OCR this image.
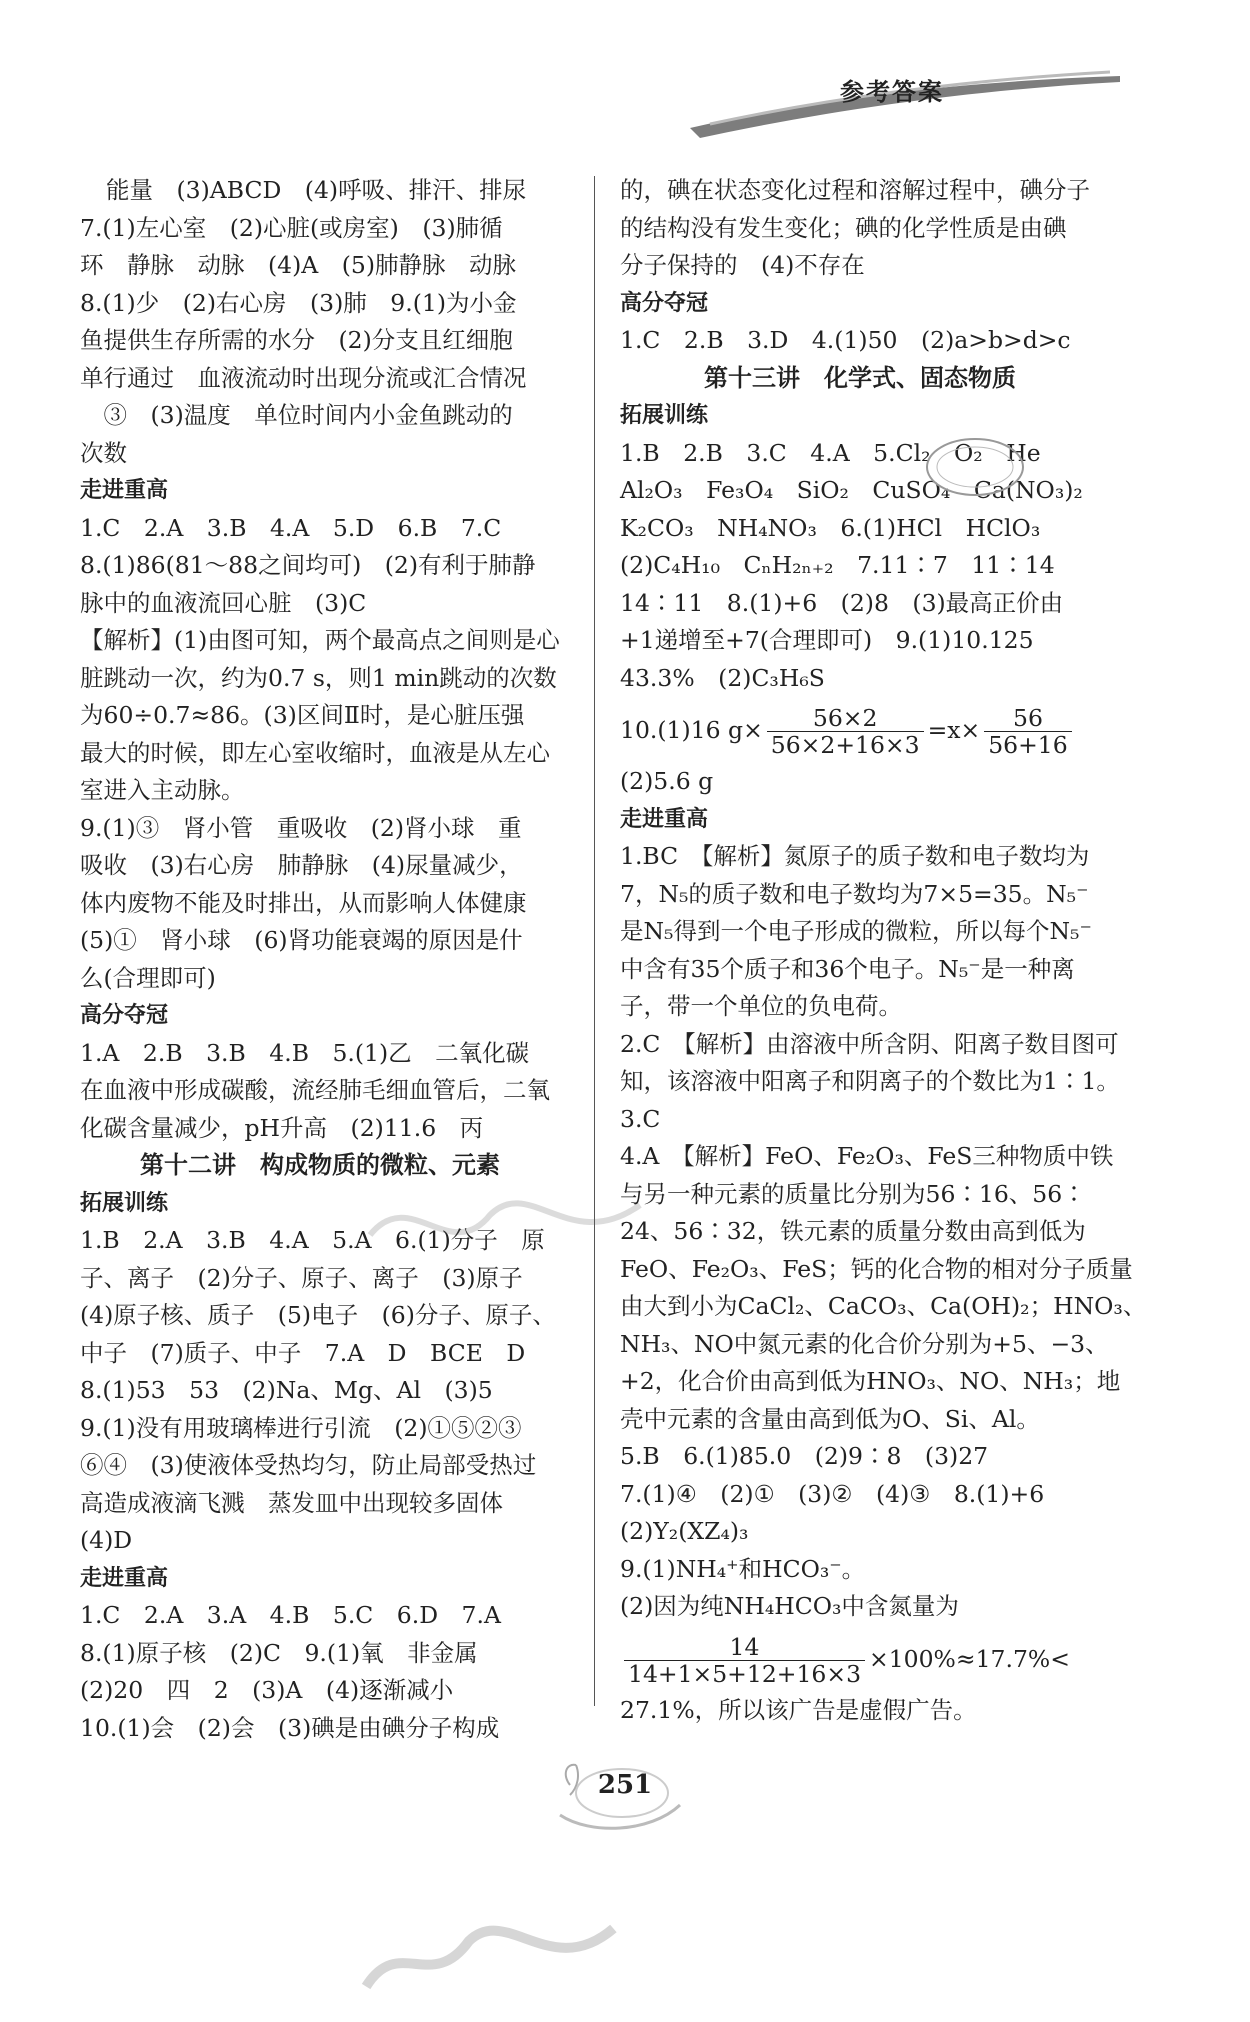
参考答案
能量　(3)ABCD　(4)呼吸、排汗、排尿
7.(1)左心室　(2)心脏(或房室)　(3)肺循
环　静脉　动脉　(4)A　(5)肺静脉　动脉
8.(1)少　(2)右心房　(3)肺　9.(1)为小金
鱼提供生存所需的水分　(2)分支且红细胞
单行通过　血液流动时出现分流或汇合情况
　③　(3)温度　单位时间内小金鱼跳动的
次数
走进重高
1.C　2.A　3.B　4.A　5.D　6.B　7.C
8.(1)86(81～88之间均可)　(2)有利于肺静
脉中的血液流回心脏　(3)C
【解析】(1)由图可知，两个最高点之间则是心
脏跳动一次，约为0.7 s，则1 min跳动的次数
为60÷0.7≈86。(3)区间Ⅱ时，是心脏压强
最大的时候，即左心室收缩时，血液是从左心
室进入主动脉。
9.(1)③　肾小管　重吸收　(2)肾小球　重
吸收　(3)右心房　肺静脉　(4)尿量减少，
体内废物不能及时排出，从而影响人体健康
(5)①　肾小球　(6)肾功能衰竭的原因是什
么(合理即可)
高分夺冠
1.A　2.B　3.B　4.B　5.(1)乙　二氧化碳
在血液中形成碳酸，流经肺毛细血管后，二氧
化碳含量减少，pH升高　(2)11.6　丙
第十二讲　构成物质的微粒、元素
拓展训练
1.B　2.A　3.B　4.A　5.A　6.(1)分子　原
子、离子　(2)分子、原子、离子　(3)原子
(4)原子核、质子　(5)电子　(6)分子、原子、
中子　(7)质子、中子　7.A　D　BCE　D
8.(1)53　53　(2)Na、Mg、Al　(3)5
9.(1)没有用玻璃棒进行引流　(2)①⑤②③
⑥④　(3)使液体受热均匀，防止局部受热过
高造成液滴飞溅　蒸发皿中出现较多固体
(4)D
走进重高
1.C　2.A　3.A　4.B　5.C　6.D　7.A
8.(1)原子核　(2)C　9.(1)氧　非金属
(2)20　四　2　(3)A　(4)逐渐减小
10.(1)会　(2)会　(3)碘是由碘分子构成
的，碘在状态变化过程和溶解过程中，碘分子
的结构没有发生变化；碘的化学性质是由碘
分子保持的　(4)不存在
高分夺冠
1.C　2.B　3.D　4.(1)50　(2)a>b>d>c
第十三讲　化学式、固态物质
拓展训练
1.B　2.B　3.C　4.A　5.Cl₂　O₂　He
Al₂O₃　Fe₃O₄　SiO₂　CuSO₄　Ca(NO₃)₂
K₂CO₃　NH₄NO₃　6.(1)HCl　HClO₃
(2)C₄H₁₀　CₙH₂ₙ₊₂　7.11∶7　11∶14
14∶11　8.(1)+6　(2)8　(3)最高正价由
+1递增至+7(合理即可)　9.(1)10.125
43.3%　(2)C₃H₆S
10.(1)16 $g\times \frac{56\times 2}{56\times 2+16\times 3} =x\times \frac{56}{56+16}$
(2)5.6 g
走进重高
1.BC　【解析】氮原子的质子数和电子数均为
7，N₅的质子数和电子数均为7×5=35。N₅⁻
是N₅得到一个电子形成的微粒，所以每个N₅⁻
中含有35个质子和36个电子。N₅⁻是一种离
子，带一个单位的负电荷。
2.C　【解析】由溶液中所含阴、阳离子数目图可
知，该溶液中阳离子和阴离子的个数比为1∶1。
3.C
4.A　【解析】FeO、Fe₂O₃、FeS三种物质中铁
与另一种元素的质量比分别为56∶16、56∶
24、56∶32，铁元素的质量分数由高到低为
FeO、Fe₂O₃、FeS；钙的化合物的相对分子质量
由大到小为CaCl₂、CaCO₃、Ca(OH)₂；HNO₃、
NH₃、NO中氮元素的化合价分别为+5、−3、
+2，化合价由高到低为HNO₃、NO、NH₃；地
壳中元素的含量由高到低为O、Si、Al。
5.B　6.(1)85.0　(2)9∶8　(3)27
7.(1)④　(2)①　(3)②　(4)③　8.(1)+6
(2)Y₂(XZ₄)₃
9.(1)NH₄⁺和HCO₃⁻。
(2)因为纯NH₄HCO₃中含氮量为
$\frac{14}{14+1\times 5+12+16\times 3} \times 100\%\approx 17.7\%<$
27.1%，所以该广告是虚假广告。
251
